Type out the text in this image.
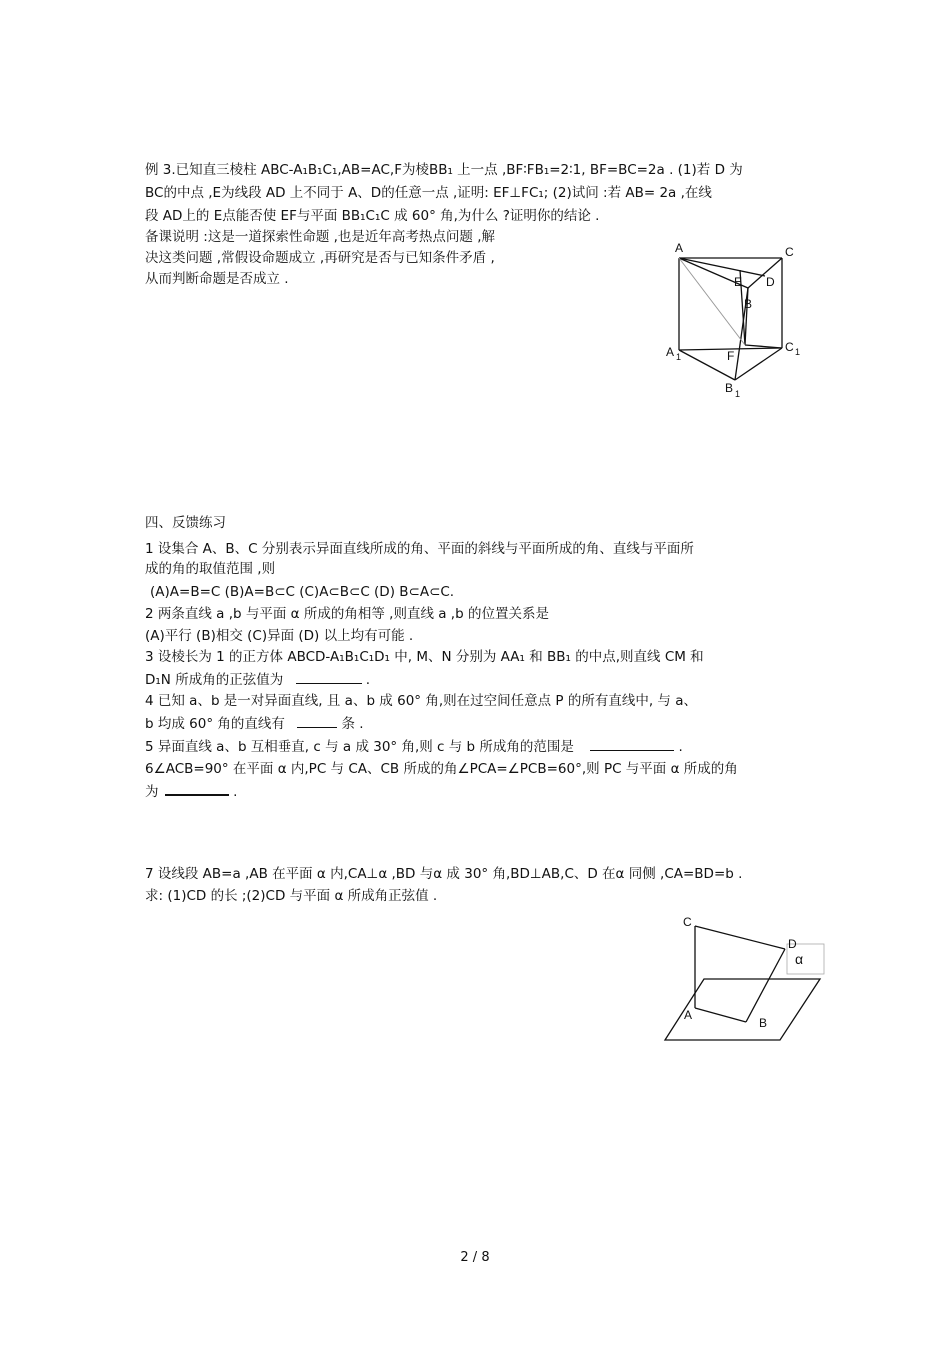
例 3.已知直三棱柱 ABC-A₁B₁C₁,AB=AC,F为棱BB₁ 上一点 ,BF∶FB₁=2∶1, BF=BC=2a . (1)若 D 为
BC的中点 ,E为线段 AD 上不同于 A、D的任意一点 ,证明: EF⊥FC₁; (2)试问 :若 AB= 2a ,在线
段 AD上的 E点能否使 EF与平面 BB₁C₁C 成 60° 角,为什么 ?证明你的结论 .
备课说明 :这是一道探索性命题 ,也是近年高考热点问题 ,解
决这类问题 ,常假设命题成立 ,再研究是否与已知条件矛盾 ,
从而判断命题是否成立 .
A	C
E D
B
A 1	F
C 1
B 1
四、反馈练习
1 设集合 A、B、C 分别表示异面直线所成的角、平面的斜线与平面所成的角、直线与平面所
成的角的取值范围 ,则
(A)A=B=C (B)A=B⊂C (C)A⊂B⊂C (D) B⊂A⊂C.
2 两条直线 a ,b 与平面 α 所成的角相等 ,则直线 a ,b 的位置关系是
(A)平行 (B)相交 (C)异面 (D) 以上均有可能 .
3 设棱长为 1 的正方体 ABCD-A₁B₁C₁D₁ 中, M、N 分别为 AA₁ 和 BB₁ 的中点,则直线 CM 和
D₁N 所成角的正弦值为	.
4 已知 a、b 是一对异面直线, 且 a、b 成 60° 角,则在过空间任意点 P 的所有直线中, 与 a、
b 均成 60° 角的直线有	条 .
5 异面直线 a、b 互相垂直, c 与 a 成 30° 角,则 c 与 b 所成角的范围是	.
6∠ACB=90° 在平面 α 内,PC 与 CA、CB 所成的角∠PCA=∠PCB=60°,则 PC 与平面 α 所成的角
为	.
7 设线段 AB=a ,AB 在平面 α 内,CA⊥α ,BD 与α 成 30° 角,BD⊥AB,C、D 在α 同侧 ,CA=BD=b .
求: (1)CD 的长 ;(2)CD 与平面 α 所成角正弦值 .
C
D
α
A
B
2 / 8
